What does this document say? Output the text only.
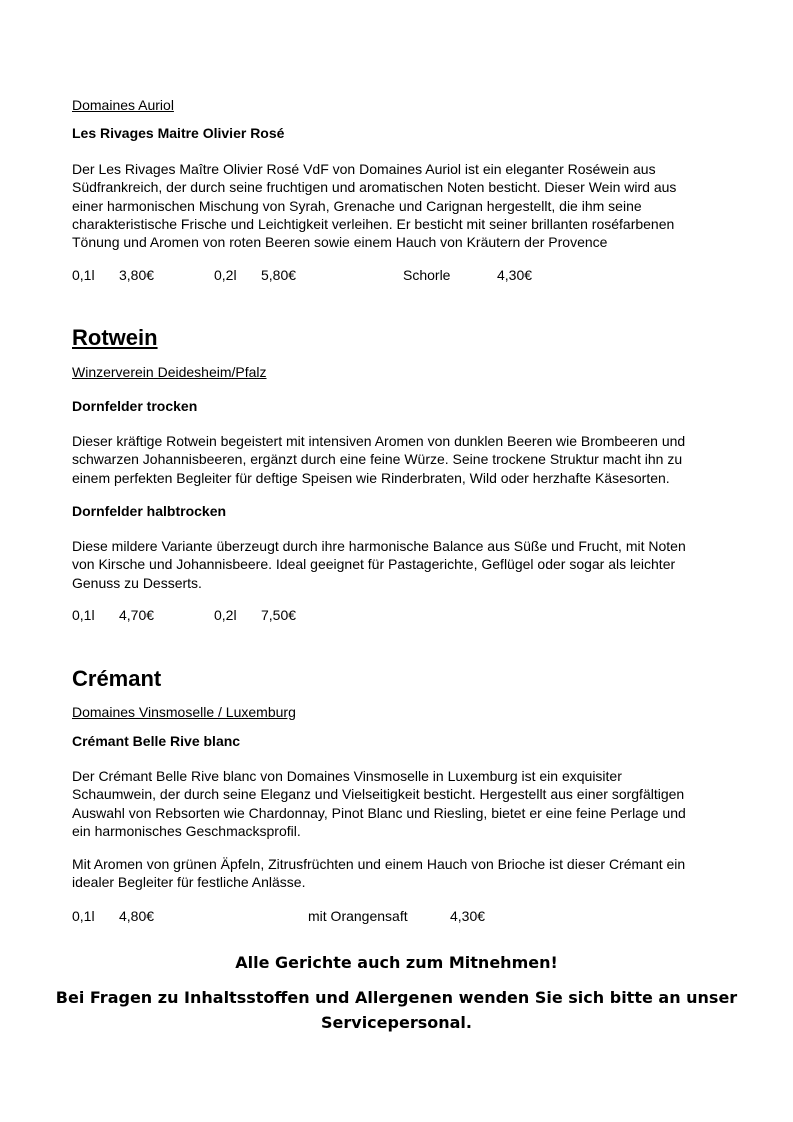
Domaines Auriol
Les Rivages Maitre Olivier Rosé
Der Les Rivages Maître Olivier Rosé VdF von Domaines Auriol ist ein eleganter Roséwein aus
Südfrankreich, der durch seine fruchtigen und aromatischen Noten besticht. Dieser Wein wird aus
einer harmonischen Mischung von Syrah, Grenache und Carignan hergestellt, die ihm seine
charakteristische Frische und Leichtigkeit verleihen. Er besticht mit seiner brillanten roséfarbenen
Tönung und Aromen von roten Beeren sowie einem Hauch von Kräutern der Provence
0,1l 3,80€	0,2l 5,80€	Schorle	4,30€
Rotwein
Winzerverein Deidesheim/Pfalz
Dornfelder trocken
Dieser kräftige Rotwein begeistert mit intensiven Aromen von dunklen Beeren wie Brombeeren und
schwarzen Johannisbeeren, ergänzt durch eine feine Würze. Seine trockene Struktur macht ihn zu
einem perfekten Begleiter für deftige Speisen wie Rinderbraten, Wild oder herzhafte Käsesorten.
Dornfelder halbtrocken
Diese mildere Variante überzeugt durch ihre harmonische Balance aus Süße und Frucht, mit Noten
von Kirsche und Johannisbeere. Ideal geeignet für Pastagerichte, Geflügel oder sogar als leichter
Genuss zu Desserts.
0,1l 4,70€	0,2l 7,50€
Crémant
Domaines Vinsmoselle / Luxemburg
Crémant Belle Rive blanc
Der Crémant Belle Rive blanc von Domaines Vinsmoselle in Luxemburg ist ein exquisiter
Schaumwein, der durch seine Eleganz und Vielseitigkeit besticht. Hergestellt aus einer sorgfältigen
Auswahl von Rebsorten wie Chardonnay, Pinot Blanc und Riesling, bietet er eine feine Perlage und
ein harmonisches Geschmacksprofil.
Mit Aromen von grünen Äpfeln, Zitrusfrüchten und einem Hauch von Brioche ist dieser Crémant ein
idealer Begleiter für festliche Anlässe.
0,1l 4,80€	mit Orangensaft	4,30€
Alle Gerichte auch zum Mitnehmen!
Bei Fragen zu Inhaltsstoffen und Allergenen wenden Sie sich bitte an unser
Servicepersonal.
